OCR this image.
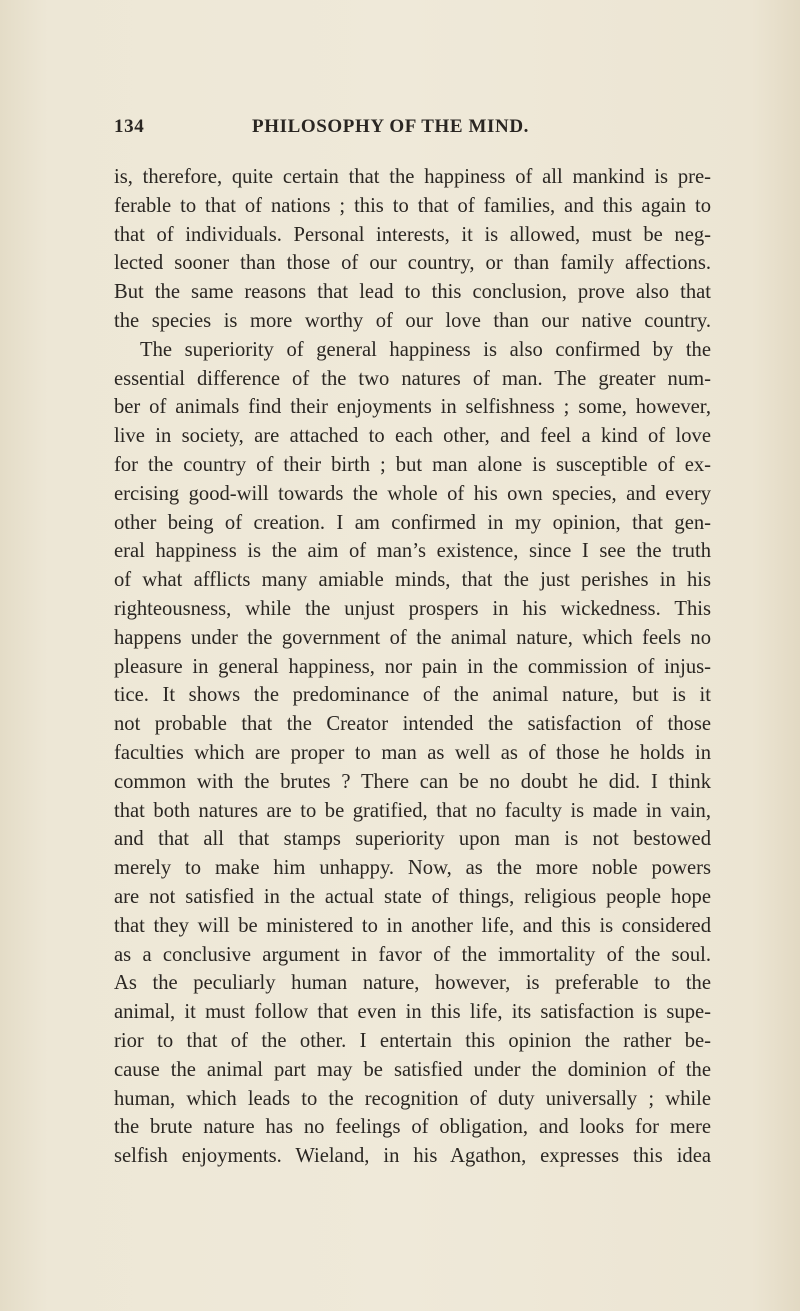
134	PHILOSOPHY OF THE MIND.
is, therefore, quite certain that the happiness of all mankind is pre-
ferable to that of nations ; this to that of families, and this again to
that of individuals. Personal interests, it is allowed, must be neg-
lected sooner than those of our country, or than family affections.
But the same reasons that lead to this conclusion, prove also that
the species is more worthy of our love than our native country.
The superiority of general happiness is also confirmed by the
essential difference of the two natures of man. The greater num-
ber of animals find their enjoyments in selfishness ; some, however,
live in society, are attached to each other, and feel a kind of love
for the country of their birth ; but man alone is susceptible of ex-
ercising good-will towards the whole of his own species, and every
other being of creation. I am confirmed in my opinion, that gen-
eral happiness is the aim of man’s existence, since I see the truth
of what afflicts many amiable minds, that the just perishes in his
righteousness, while the unjust prospers in his wickedness. This
happens under the government of the animal nature, which feels no
pleasure in general happiness, nor pain in the commission of injus-
tice. It shows the predominance of the animal nature, but is it
not probable that the Creator intended the satisfaction of those
faculties which are proper to man as well as of those he holds in
common with the brutes ? There can be no doubt he did. I think
that both natures are to be gratified, that no faculty is made in vain,
and that all that stamps superiority upon man is not bestowed
merely to make him unhappy. Now, as the more noble powers
are not satisfied in the actual state of things, religious people hope
that they will be ministered to in another life, and this is considered
as a conclusive argument in favor of the immortality of the soul.
As the peculiarly human nature, however, is preferable to the
animal, it must follow that even in this life, its satisfaction is supe-
rior to that of the other. I entertain this opinion the rather be-
cause the animal part may be satisfied under the dominion of the
human, which leads to the recognition of duty universally ; while
the brute nature has no feelings of obligation, and looks for mere
selfish enjoyments. Wieland, in his Agathon, expresses this idea
